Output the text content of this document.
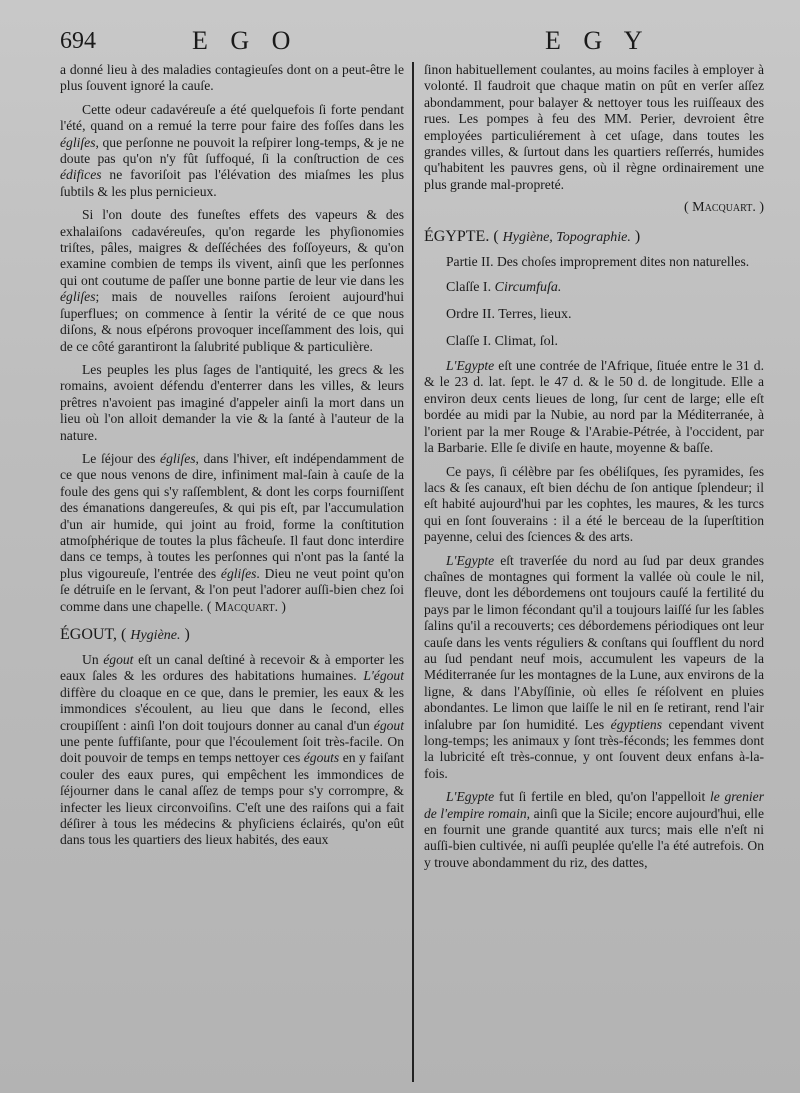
694	E G O	E G Y

a donné lieu à des maladies contagieuſes dont on a peut-être le plus ſouvent ignoré la cauſe.

Cette odeur cadavéreuſe a été quelquefois ſi forte pendant l'été, quand on a remué la terre pour faire des foſſes dans les égliſes, que perſonne ne pouvoit la reſpirer long-temps, & je ne doute pas qu'on n'y fût ſuffoqué, ſi la conſtruction de ces édifices ne favoriſoit pas l'élévation des miaſmes les plus ſubtils & les plus pernicieux.

Si l'on doute des funeſtes effets des vapeurs & des exhalaiſons cadavéreuſes, qu'on regarde les phyſionomies triſtes, pâles, maigres & deſſéchées des foſſoyeurs, & qu'on examine combien de temps ils vivent, ainſi que les perſonnes qui ont coutume de paſſer une bonne partie de leur vie dans les égliſes; mais de nouvelles raiſons ſeroient aujourd'hui ſuperflues; on commence à ſentir la vérité de ce que nous diſons, & nous eſpérons provoquer inceſſamment des lois, qui de ce côté garantiront la ſalubrité publique & particulière.

Les peuples les plus ſages de l'antiquité, les grecs & les romains, avoient défendu d'enterrer dans les villes, & leurs prêtres n'avoient pas imaginé d'appeler ainſi la mort dans un lieu où l'on alloit demander la vie & la ſanté à l'auteur de la nature.

Le ſéjour des égliſes, dans l'hiver, eſt indépendamment de ce que nous venons de dire, infiniment mal-ſain à cauſe de la foule des gens qui s'y raſſemblent, & dont les corps fourniſſent des émanations dangereuſes, & qui pis eſt, par l'accumulation d'un air humide, qui joint au froid, forme la conſtitution atmoſphérique de toutes la plus fâcheuſe. Il faut donc interdire dans ce temps, à toutes les perſonnes qui n'ont pas la ſanté la plus vigoureuſe, l'entrée des égliſes. Dieu ne veut point qu'on ſe détruiſe en le ſervant, & l'on peut l'adorer auſſi-bien chez ſoi comme dans une chapelle. ( Macquart. )

ÉGOUT, ( Hygiène. )

Un égout eſt un canal deſtiné à recevoir & à emporter les eaux ſales & les ordures des habitations humaines. L'égout diffère du cloaque en ce que, dans le premier, les eaux & les immondices s'écoulent, au lieu que dans le ſecond, elles croupiſſent : ainſi l'on doit toujours donner au canal d'un égout une pente ſuffiſante, pour que l'écoulement ſoit très-facile. On doit pouvoir de temps en temps nettoyer ces égouts en y faiſant couler des eaux pures, qui empêchent les immondices de ſéjourner dans le canal aſſez de temps pour s'y corrompre, & infecter les lieux circonvoiſins. C'eſt une des raiſons qui a fait déſirer à tous les médecins & phyſiciens éclairés, qu'on eût dans tous les quartiers des lieux habités, des eaux

ſinon habituellement coulantes, au moins faciles à employer à volonté. Il faudroit que chaque matin on pût en verſer aſſez abondamment, pour balayer & nettoyer tous les ruiſſeaux des rues. Les pompes à feu des MM. Perier, devroient être employées particuliérement à cet uſage, dans toutes les grandes villes, & ſurtout dans les quartiers reſſerrés, humides qu'habitent les pauvres gens, où il règne ordinairement une plus grande mal-propreté.

( Macquart. )
ÉGYPTE. ( Hygiène, Topographie. )

Partie II. Des choſes improprement dites non naturelles.

Claſſe I. Circumfuſa.
Ordre II. Terres, lieux.
Claſſe I. Climat, ſol.

L'Egypte eſt une contrée de l'Afrique, ſituée entre le 31 d. & le 23 d. lat. ſept. le 47 d. & le 50 d. de longitude. Elle a environ deux cents lieues de long, ſur cent de large; elle eſt bordée au midi par la Nubie, au nord par la Méditerranée, à l'orient par la mer Rouge & l'Arabie-Pétrée, à l'occident, par la Barbarie. Elle ſe diviſe en haute, moyenne & baſſe.

Ce pays, ſi célèbre par ſes obéliſques, ſes pyramides, ſes lacs & ſes canaux, eſt bien déchu de ſon antique ſplendeur; il eſt habité aujourd'hui par les cophtes, les maures, & les turcs qui en ſont ſouverains : il a été le berceau de la ſuperſtition payenne, celui des ſciences & des arts.

L'Egypte eſt traverſée du nord au ſud par deux grandes chaînes de montagnes qui forment la vallée où coule le nil, fleuve, dont les débordemens ont toujours cauſé la fertilité du pays par le limon fécondant qu'il a toujours laiſſé ſur les ſables ſalins qu'il a recouverts; ces débordemens périodiques ont leur cauſe dans les vents réguliers & conſtans qui ſoufflent du nord au ſud pendant neuf mois, accumulent les vapeurs de la Méditerranée ſur les montagnes de la Lune, aux environs de la ligne, & dans l'Abyſſinie, où elles ſe réſolvent en pluies abondantes. Le limon que laiſſe le nil en ſe retirant, rend l'air inſalubre par ſon humidité. Les égyptiens cependant vivent long-temps; les animaux y ſont très-féconds; les femmes dont la lubricité eſt très-connue, y ont ſouvent deux enfans à-la-fois.

L'Egypte fut ſi fertile en bled, qu'on l'appelloit le grenier de l'empire romain, ainſi que la Sicile; encore aujourd'hui, elle en fournit une grande quantité aux turcs; mais elle n'eſt ni auſſi-bien cultivée, ni auſſi peuplée qu'elle l'a été autrefois. On y trouve abondamment du riz, des dattes,
